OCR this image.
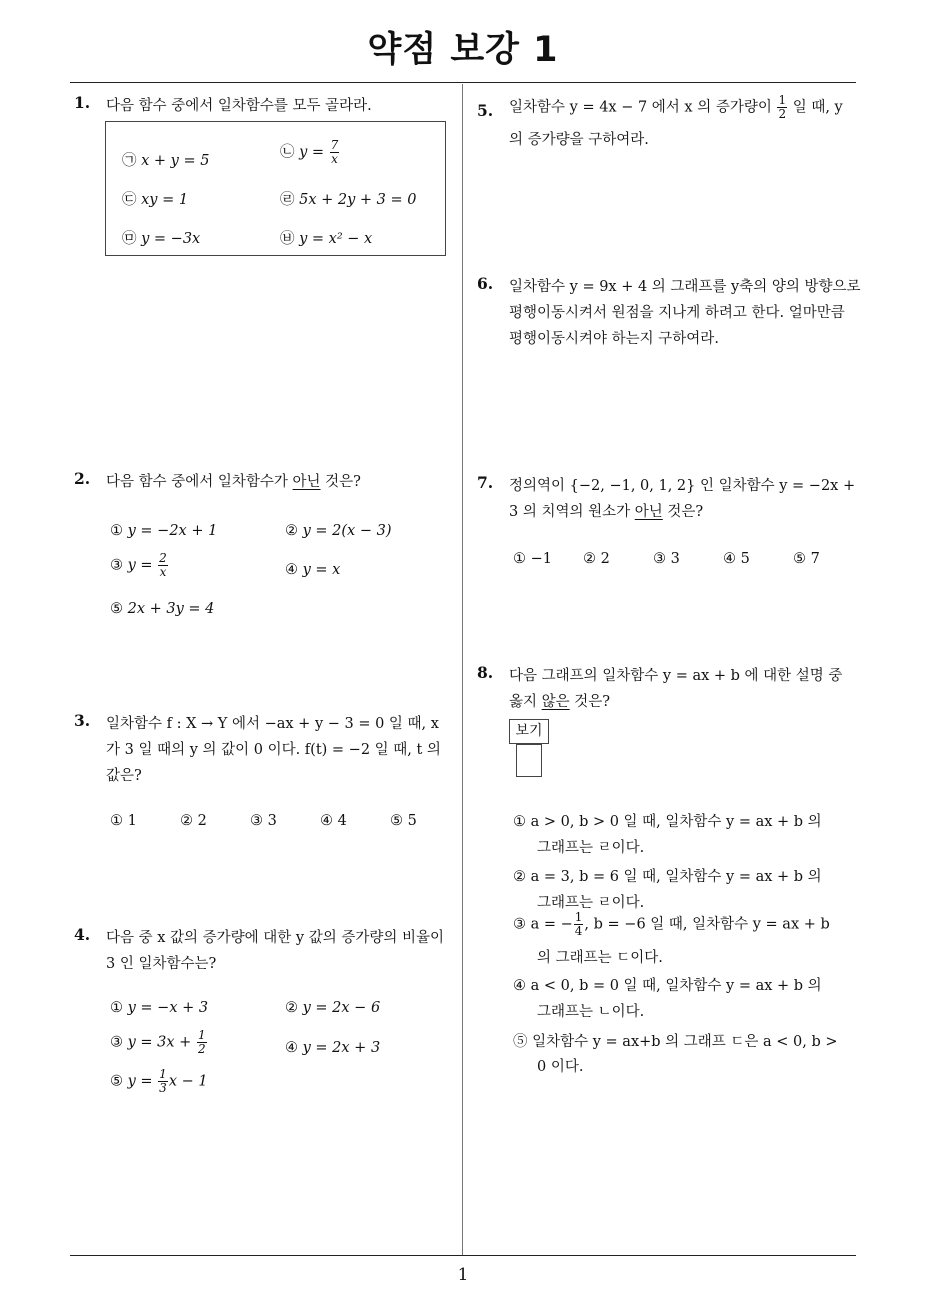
약점 보강 1
1
1. 다음 함수 중에서 일차함수를 모두 골라라.
㉠ x + y = 5
㉡ $y = \frac{7}{x}$
㉢ xy = 1	㉣ 5x + 2y + 3 = 0
㉤ y = −3x	㉥ y = x² − x
2. 다음 함수 중에서 일차함수가 아닌 것은?
① y = −2x + 1	② y = 2(x − 3)
③ $y = \frac{2}{x}$	④ y = x
⑤ 2x + 3y = 4
3. 일차함수 f : X → Y 에서 −ax + y − 3 = 0 일 때, x
가 3 일 때의 y 의 값이 0 이다. f(t) = −2 일 때, t 의
값은?
① 1	② 2	③ 3	④ 4	⑤ 5
4. 다음 중 x 값의 증가량에 대한 y 값의 증가량의 비율이
3 인 일차함수는?
① y = −x + 3	② y = 2x − 6
③ $y = 3x + \frac{1}{2}$	④ y = 2x + 3
⑤ $y = \frac{1}{3}$ x − 1
5. 일차함수 y = 4x − 7 에서 x 의 증가량이 $\frac{1}{2}$ 일 때, y
의 증가량을 구하여라.
6. 일차함수 y = 9x + 4 의 그래프를 y축의 양의 방향으로
평행이동시켜서 원점을 지나게 하려고 한다. 얼마만큼
평행이동시켜야 하는지 구하여라.
7. 정의역이 {−2, −1, 0, 1, 2} 인 일차함수 y = −2x +
3 의 치역의 원소가 아닌 것은?
① −1 ② 2	③ 3	④ 5	⑤ 7
8. 다음 그래프의 일차함수 y = ax + b 에 대한 설명 중
옳지 않은 것은?
보기
① a > 0, b > 0 일 때, 일차함수 y = ax + b 의
그래프는 ㄹ이다.
② a = 3, b = 6 일 때, 일차함수 y = ax + b 의
그래프는 ㄹ이다.
③ a = − $\frac{1}{4}$ , b = −6 일 때, 일차함수 y = ax + b
의 그래프는 ㄷ이다.
④ a < 0, b = 0 일 때, 일차함수 y = ax + b 의
그래프는 ㄴ이다.
⑤ 일차함수 y = ax+b 의 그래프 ㄷ은 a < 0, b >
0 이다.
